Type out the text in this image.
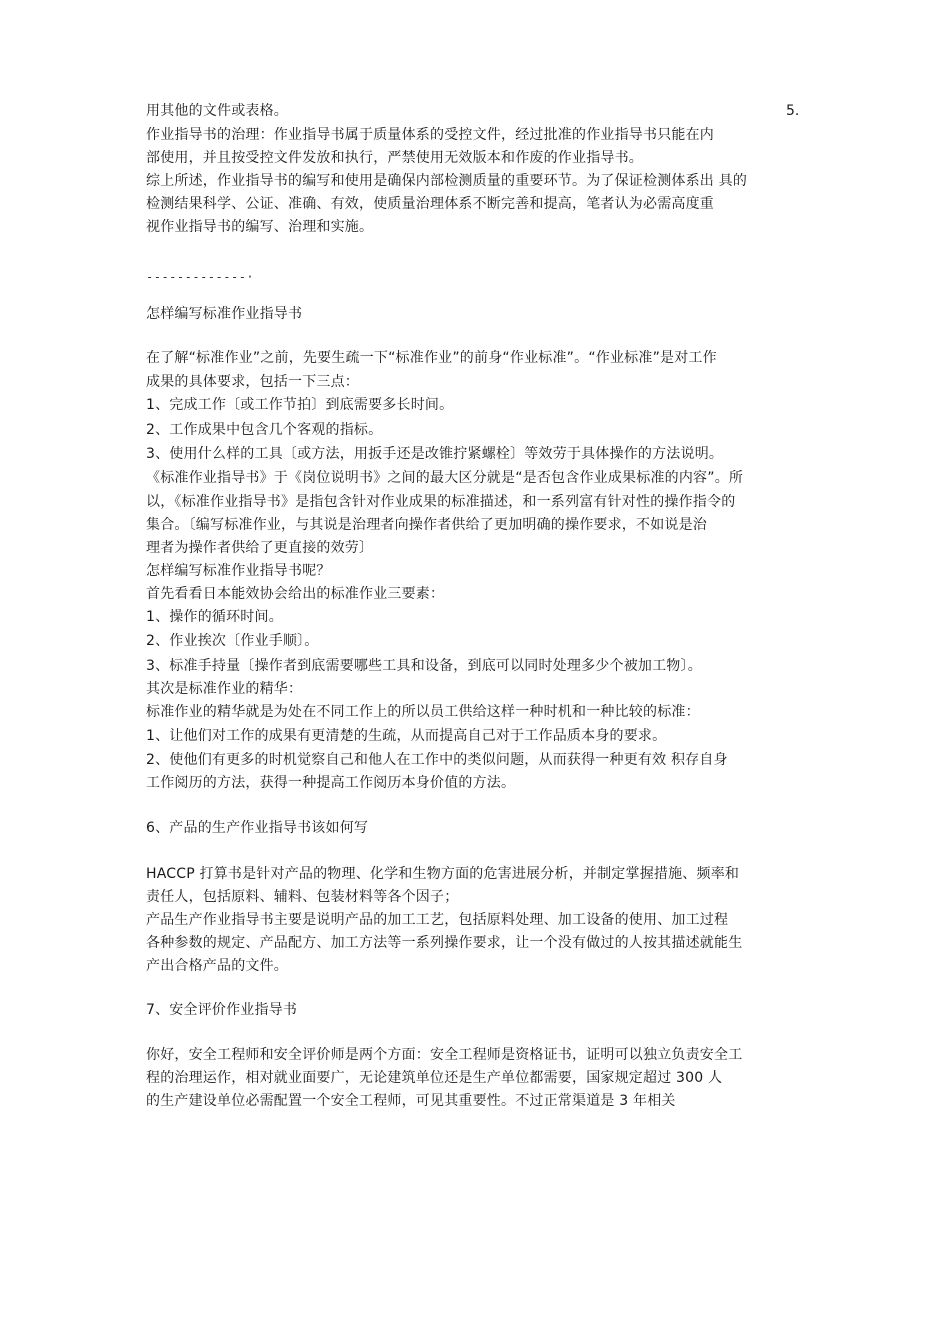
用其他的文件或表格。	5.
作业指导书的治理：作业指导书属于质量体系的受控文件，经过批准的作业指导书只能在内
部使用，并且按受控文件发放和执行，严禁使用无效版本和作废的作业指导书。
综上所述，作业指导书的编写和使用是确保内部检测质量的重要环节。为了保证检测体系出 具的
检测结果科学、公证、准确、有效，使质量治理体系不断完善和提高，笔者认为必需高度重
视作业指导书的编写、治理和实施。
-------------·
怎样编写标准作业指导书
在了解“标准作业”之前，先要生疏一下“标准作业”的前身“作业标准”。“作业标准”是对工作
成果的具体要求，包括一下三点：
1、完成工作〔或工作节拍〕到底需要多长时间。
2、工作成果中包含几个客观的指标。
3、使用什么样的工具〔或方法，用扳手还是改锥拧紧螺栓〕等效劳于具体操作的方法说明。
《标准作业指导书》于《岗位说明书》之间的最大区分就是“是否包含作业成果标准的内容”。所
以，《标准作业指导书》是指包含针对作业成果的标准描述，和一系列富有针对性的操作指令的
集合。〔编写标准作业，与其说是治理者向操作者供给了更加明确的操作要求，不如说是治
理者为操作者供给了更直接的效劳〕
怎样编写标准作业指导书呢？
首先看看日本能效协会给出的标准作业三要素：
1、操作的循环时间。
2、作业挨次〔作业手顺〕。
3、标准手持量〔操作者到底需要哪些工具和设备，到底可以同时处理多少个被加工物〕。
其次是标准作业的精华：
标准作业的精华就是为处在不同工作上的所以员工供给这样一种时机和一种比较的标准：
1、让他们对工作的成果有更清楚的生疏，从而提高自己对于工作品质本身的要求。
2、使他们有更多的时机觉察自己和他人在工作中的类似问题，从而获得一种更有效 积存自身
工作阅历的方法，获得一种提高工作阅历本身价值的方法。
6、产品的生产作业指导书该如何写
HACCP 打算书是针对产品的物理、化学和生物方面的危害进展分析，并制定掌握措施、频率和
责任人，包括原料、辅料、包装材料等各个因子；
产品生产作业指导书主要是说明产品的加工工艺，包括原料处理、加工设备的使用、加工过程
各种参数的规定、产品配方、加工方法等一系列操作要求，让一个没有做过的人按其描述就能生
产出合格产品的文件。
7、安全评价作业指导书
你好，安全工程师和安全评价师是两个方面：安全工程师是资格证书，证明可以独立负责安全工
程的治理运作，相对就业面要广，无论建筑单位还是生产单位都需要，国家规定超过 300 人
的生产建设单位必需配置一个安全工程师，可见其重要性。不过正常渠道是 3 年相关
